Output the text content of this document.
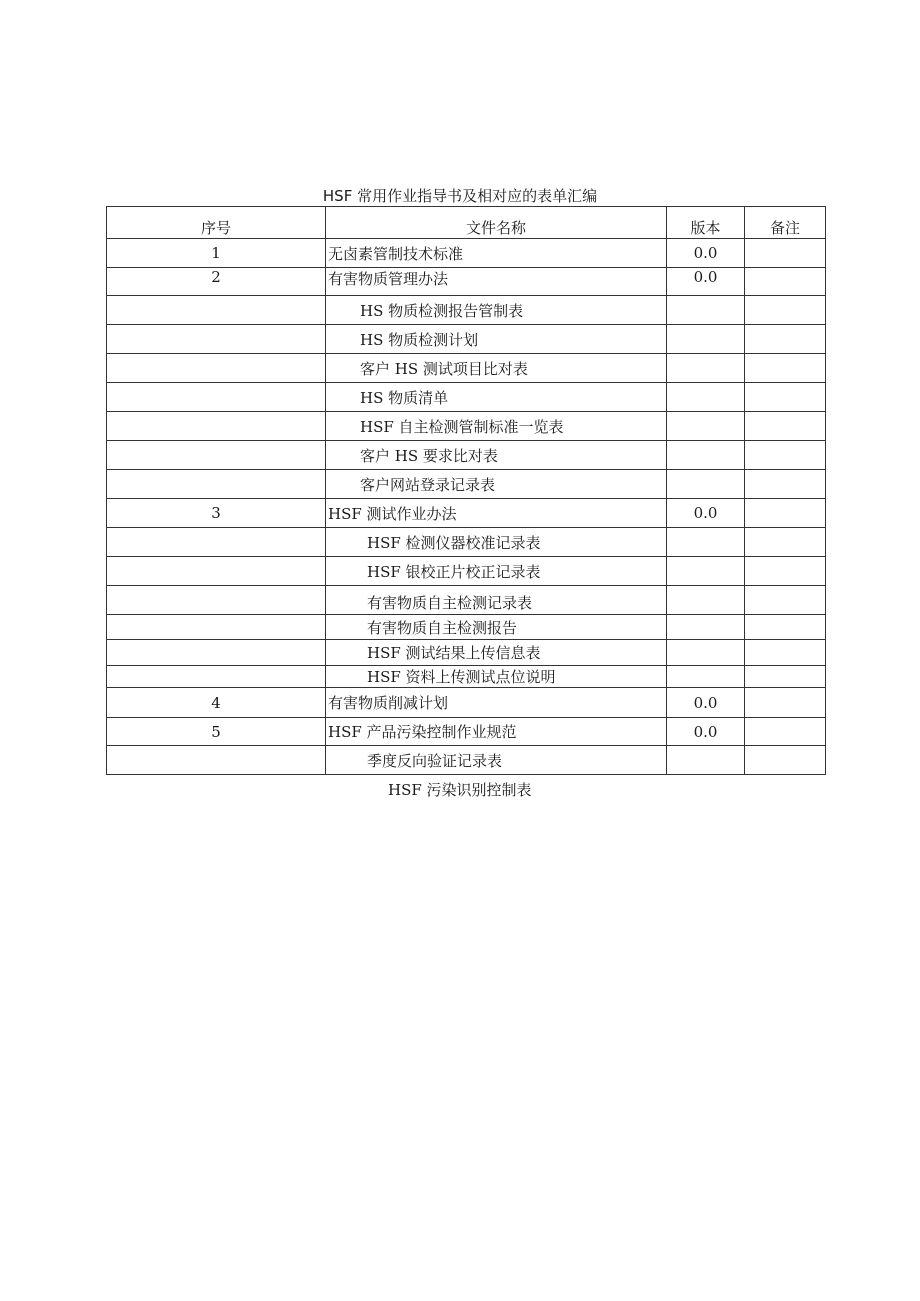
HSF 常用作业指导书及相对应的表单汇编
序号	文件名称	版本	备注
1	无卤素管制技术标准	0.0	
2	有害物质管理办法	0.0	
	HS 物质检测报告管制表		
	HS 物质检测计划		
	客户 HS 测试项目比对表		
	HS 物质清单		
	HSF 自主检测管制标准一览表		
	客户 HS 要求比对表		
	客户网站登录记录表		
3	HSF 测试作业办法	0.0	
	HSF 检测仪器校准记录表		
	HSF 银校正片校正记录表		
	有害物质自主检测记录表		
	有害物质自主检测报告		
	HSF 测试结果上传信息表		
	HSF 资料上传测试点位说明		
4	有害物质削减计划	0.0	
5	HSF 产品污染控制作业规范	0.0	
	季度反向验证记录表		
HSF 污染识别控制表
